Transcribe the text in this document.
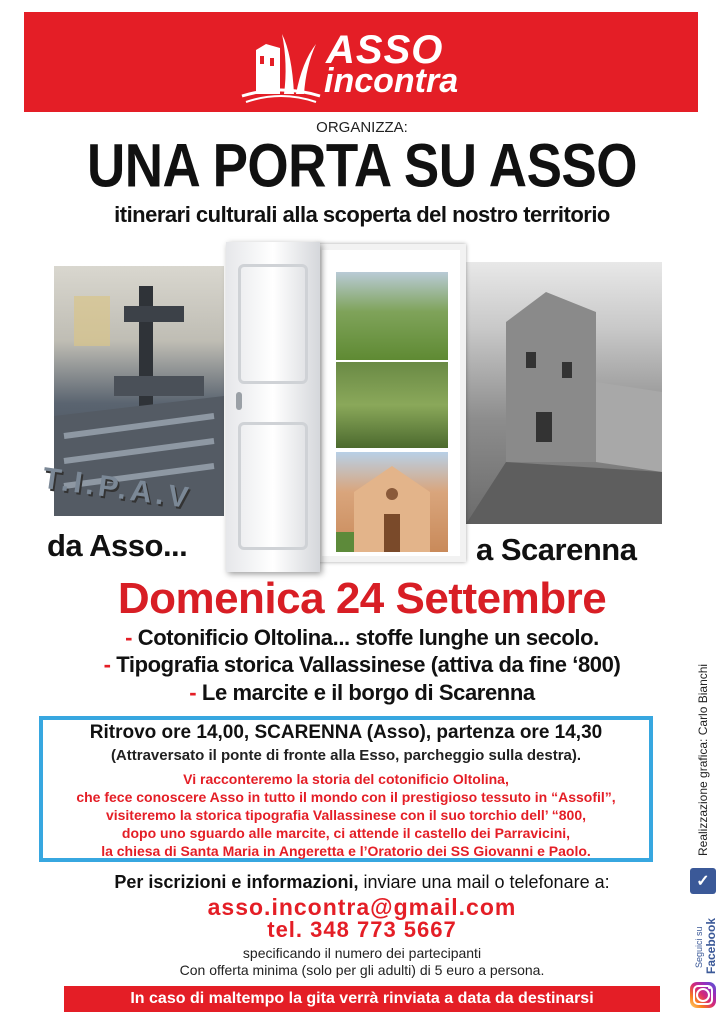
ASSO
incontra
ORGANIZZA:
UNA PORTA SU ASSO
itinerari culturali alla scoperta del nostro territorio
T.I.P.A.V
da Asso...	a Scarenna
Domenica 24 Settembre
- Cotonificio Oltolina... stoffe lunghe un secolo.
- Tipografia storica Vallassinese (attiva da fine ‘800)
- Le marcite e il borgo di Scarenna
Ritrovo ore 14,00, SCARENNA (Asso), partenza ore 14,30
(Attraversato il ponte di fronte alla Esso, parcheggio sulla destra).
Vi racconteremo la storia del cotonificio Oltolina,
che fece conoscere Asso in tutto il mondo con il prestigioso tessuto in “Assofil”,
visiteremo la storica tipografia Vallassinese con il suo torchio dell’ “800,
dopo uno sguardo alle marcite, ci attende il castello dei Parravicini,
la chiesa di Santa Maria in Angeretta e l’Oratorio dei SS Giovanni e Paolo.	Realizzazione grafica: Carlo Bianchi
Per iscrizioni e informazioni, inviare una mail o telefonare a:
asso.incontra@gmail.com
tel. 348 773 5667
specificando il numero dei partecipanti
Con offerta minima (solo per gli adulti) di 5 euro a persona.
In caso di maltempo la gita verrà rinviata a data da destinarsi
✓
Seguici su Facebook
